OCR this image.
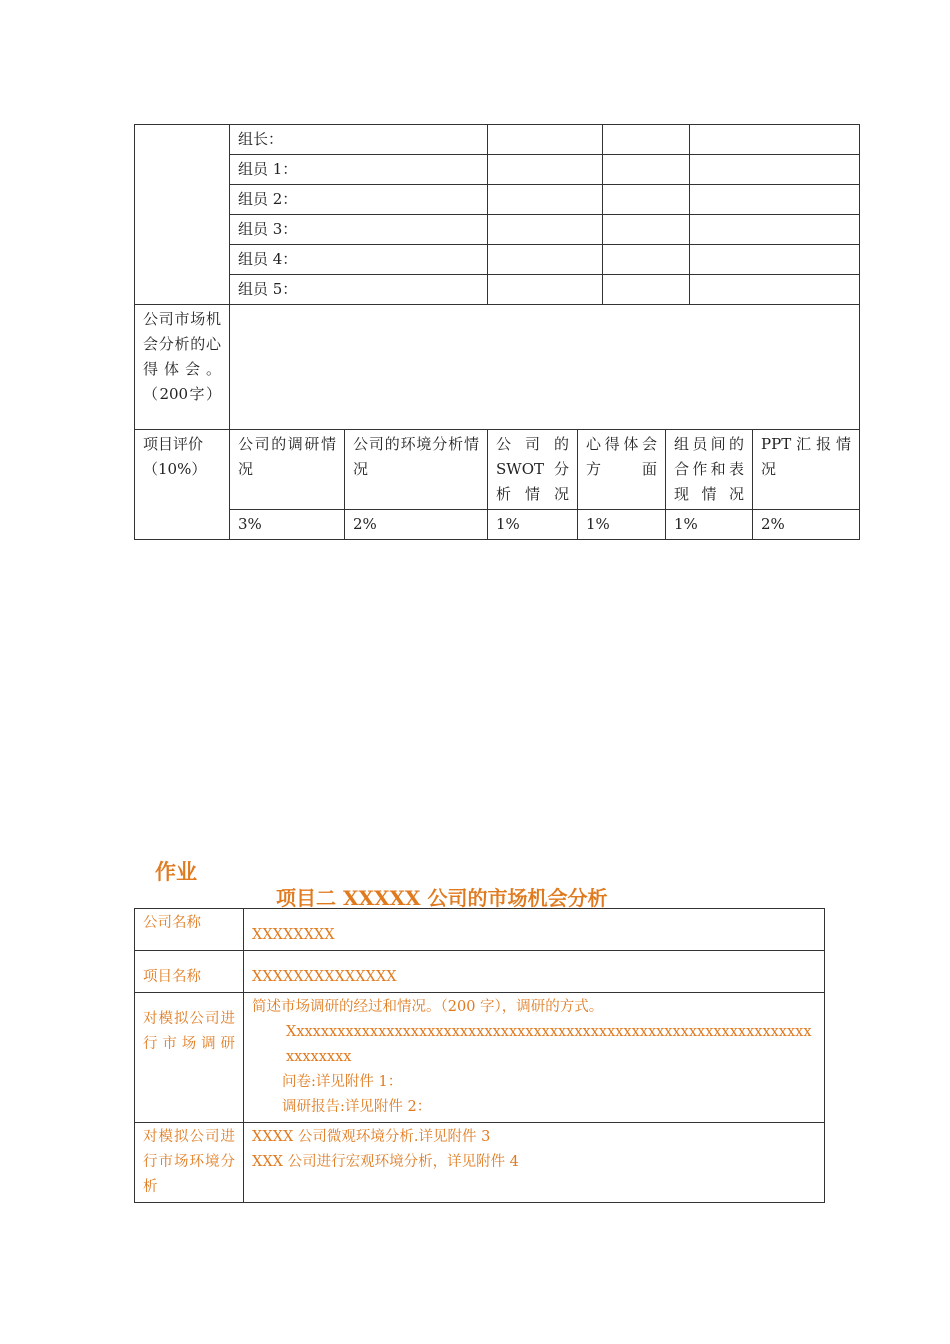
	组长：							
	组员 1：							
	组员 2：							
	组员 3：							
	组员 4：							
	组员 5：							
公司市场机会分析的心得体会。（200字）								
项目评价（10%）	公司的调研情况	公司的环境分析情况	公司的SWOT分析情况	心得体会方面		组员间的合作和表现情况		PPT汇报情况
	3%	2%	1%	1%		1%		2%
作业
项目二 XXXXX 公司的市场机会分析
公司名称	XXXXXXXX
项目名称	XXXXXXXXXXXXXX
对模拟公司进行市场调研	简述市场调研的经过和情况。（200 字），调研的方式。
Xxxxxxxxxxxxxxxxxxxxxxxxxxxxxxxxxxxxxxxxxxxxxxxxxxxxxxxxxxxxxxxxxxxxxxxx
问卷:详见附件 1：
调研报告:详见附件 2：

对模拟公司进行市场环境分析	XXXX 公司微观环境分析.详见附件 3
XXX 公司进行宏观环境分析，详见附件 4
